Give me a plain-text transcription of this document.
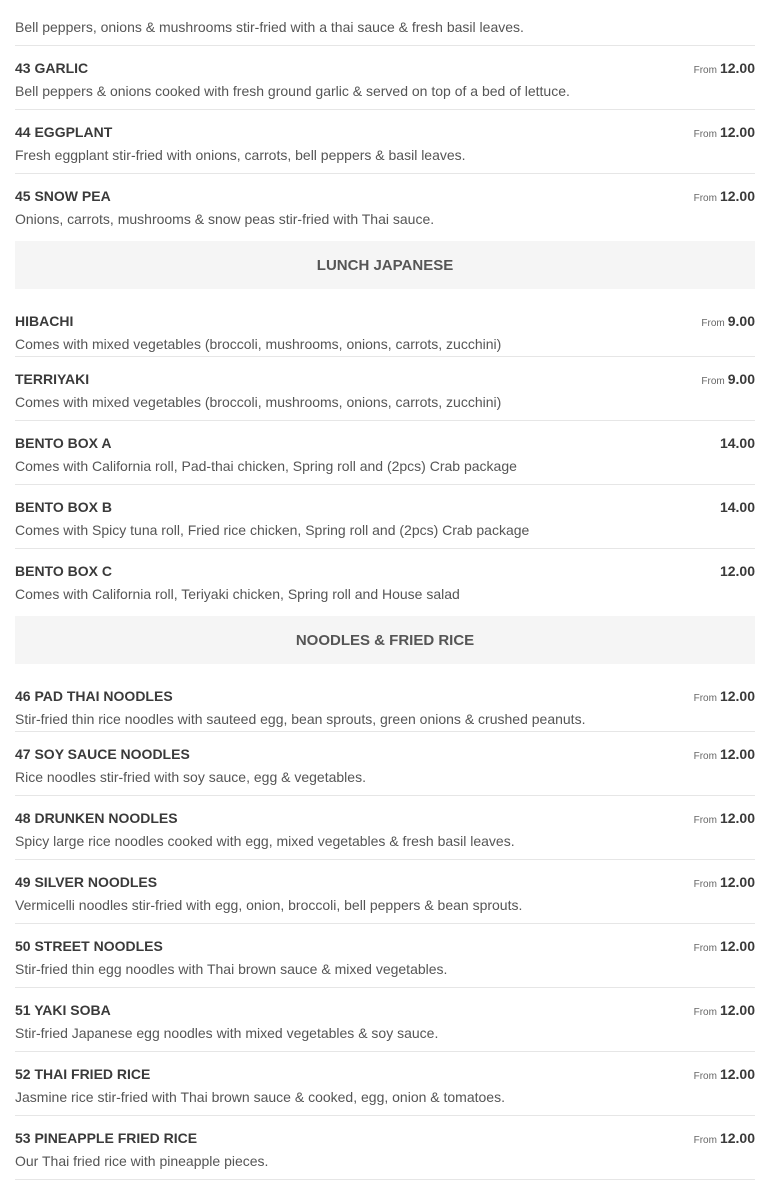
Bell peppers, onions & mushrooms stir-fried with a thai sauce & fresh basil leaves.
43 GARLIC
Bell peppers & onions cooked with fresh ground garlic & served on top of a bed of lettuce.
From 12.00
44 EGGPLANT
Fresh eggplant stir-fried with onions, carrots, bell peppers & basil leaves.
From 12.00
45 SNOW PEA
Onions, carrots, mushrooms & snow peas stir-fried with Thai sauce.
From 12.00
LUNCH JAPANESE
HIBACHI
Comes with mixed vegetables (broccoli, mushrooms, onions, carrots, zucchini)
From 9.00
TERRIYAKI
Comes with mixed vegetables (broccoli, mushrooms, onions, carrots, zucchini)
From 9.00
BENTO BOX A
Comes with California roll, Pad-thai chicken, Spring roll and (2pcs) Crab package
14.00
BENTO BOX B
Comes with Spicy tuna roll, Fried rice chicken, Spring roll and (2pcs) Crab package
14.00
BENTO BOX C
Comes with California roll, Teriyaki chicken, Spring roll and House salad
12.00
NOODLES & FRIED RICE
46 PAD THAI NOODLES
Stir-fried thin rice noodles with sauteed egg, bean sprouts, green onions & crushed peanuts.
From 12.00
47 SOY SAUCE NOODLES
Rice noodles stir-fried with soy sauce, egg & vegetables.
From 12.00
48 DRUNKEN NOODLES
Spicy large rice noodles cooked with egg, mixed vegetables & fresh basil leaves.
From 12.00
49 SILVER NOODLES
Vermicelli noodles stir-fried with egg, onion, broccoli, bell peppers & bean sprouts.
From 12.00
50 STREET NOODLES
Stir-fried thin egg noodles with Thai brown sauce & mixed vegetables.
From 12.00
51 YAKI SOBA
Stir-fried Japanese egg noodles with mixed vegetables & soy sauce.
From 12.00
52 THAI FRIED RICE
Jasmine rice stir-fried with Thai brown sauce & cooked, egg, onion & tomatoes.
From 12.00
53 PINEAPPLE FRIED RICE
Our Thai fried rice with pineapple pieces.
From 12.00
